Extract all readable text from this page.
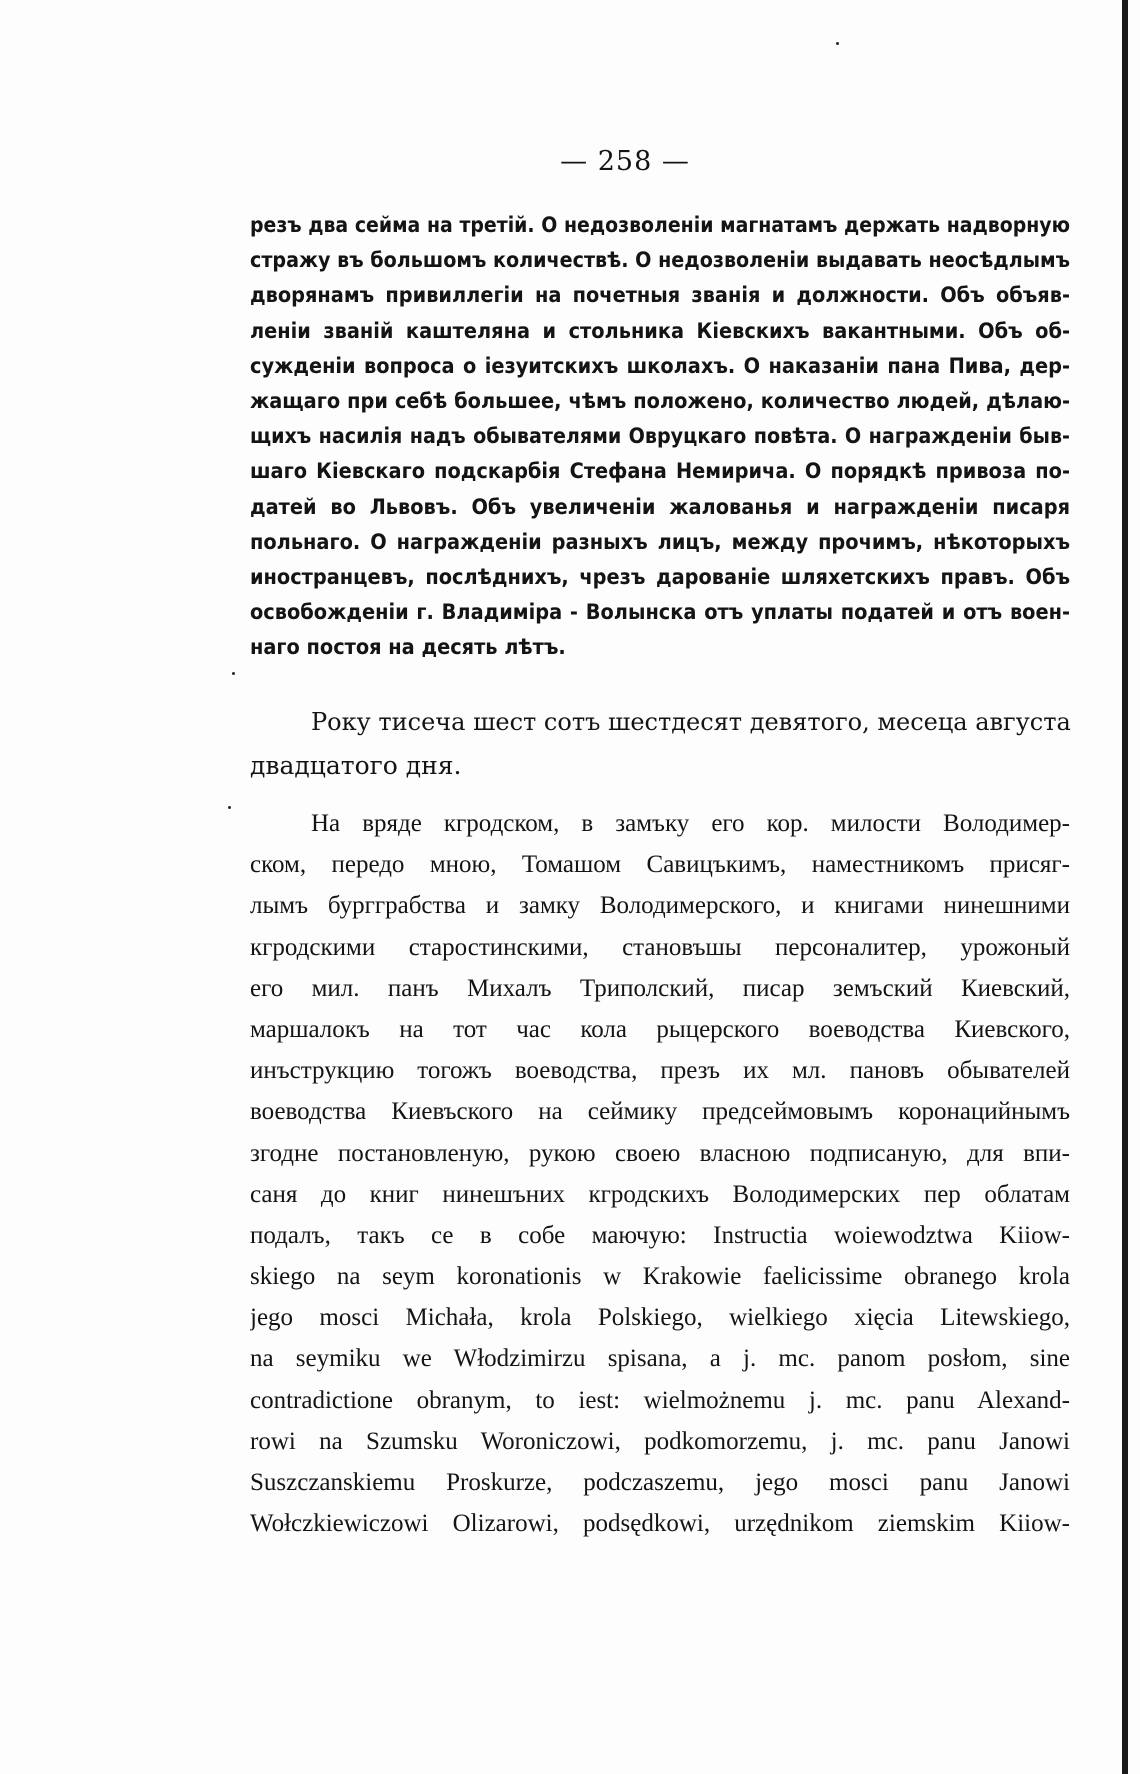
— 258 —
резъ два сейма на третій. О недозволеніи магнатамъ держать надворную
стражу въ большомъ количествѣ. О недозволеніи выдавать неосѣдлымъ
дворянамъ привиллегіи на почетныя званія и должности. Объ объяв-
леніи званій каштеляна и стольника Кіевскихъ вакантными. Объ об-
сужденіи вопроса о іезуитскихъ школахъ. О наказаніи пана Пива, дер-
жащаго при себѣ большее, чѣмъ положено, количество людей, дѣлаю-
щихъ насилія надъ обывателями Овруцкаго повѣта. О награжденіи быв-
шаго Кіевскаго подскарбія Стефана Немирича. О порядкѣ привоза по-
датей во Львовъ. Объ увеличеніи жалованья и награжденіи писаря
польнаго. О награжденіи разныхъ лицъ, между прочимъ, нѣкоторыхъ
иностранцевъ, послѣднихъ, чрезъ дарованіе шляхетскихъ правъ. Объ
освобожденіи г. Владиміра - Волынска отъ уплаты податей и отъ воен-
наго постоя на десять лѣтъ.
Року тисеча шест сотъ шестдесят девятого, месеца августа
двадцатого дня.
На вряде кгродском, в замъку его кор. милости Володимер-
ском, передо мною, Томашом Савицъкимъ, наместникомъ присяг-
лымъ бургграбства и замку Володимерского, и книгами нинешними
кгродскими старостинскими, становъшы персоналитер, урожоный
его мил. панъ Михалъ Триполский, писар земъский Киевский,
маршалокъ на тот час кола рыцерского воеводства Киевского,
инъструкцию тогожъ воеводства, презъ их мл. пановъ обывателей
воеводства Киевъского на сеймику предсеймовымъ коронацийнымъ
згодне постановленую, рукою своею власною подписаную, для впи-
саня до книг нинешъних кгродскихъ Володимерских пер облатам
подалъ, такъ се в собе маючую: Instructia woiewodztwa Kiiow-
skiego na seym koronationis w Krakowie faelicissime obranego krola
jego mosci Michała, krola Polskiego, wielkiego xięcia Litewskiego,
na seymiku we Włodzimirzu spisana, a j. mc. panom posłom, sine
contradictione obranym, to iest: wielmożnemu j. mc. panu Alexand-
rowi na Szumsku Woroniczowi, podkomorzemu, j. mc. panu Janowi
Suszczanskiemu Proskurze, podczaszemu, jego mosci panu Janowi
Wołczkiewiczowi Olizarowi, podsędkowi, urzędnikom ziemskim Kiiow-
